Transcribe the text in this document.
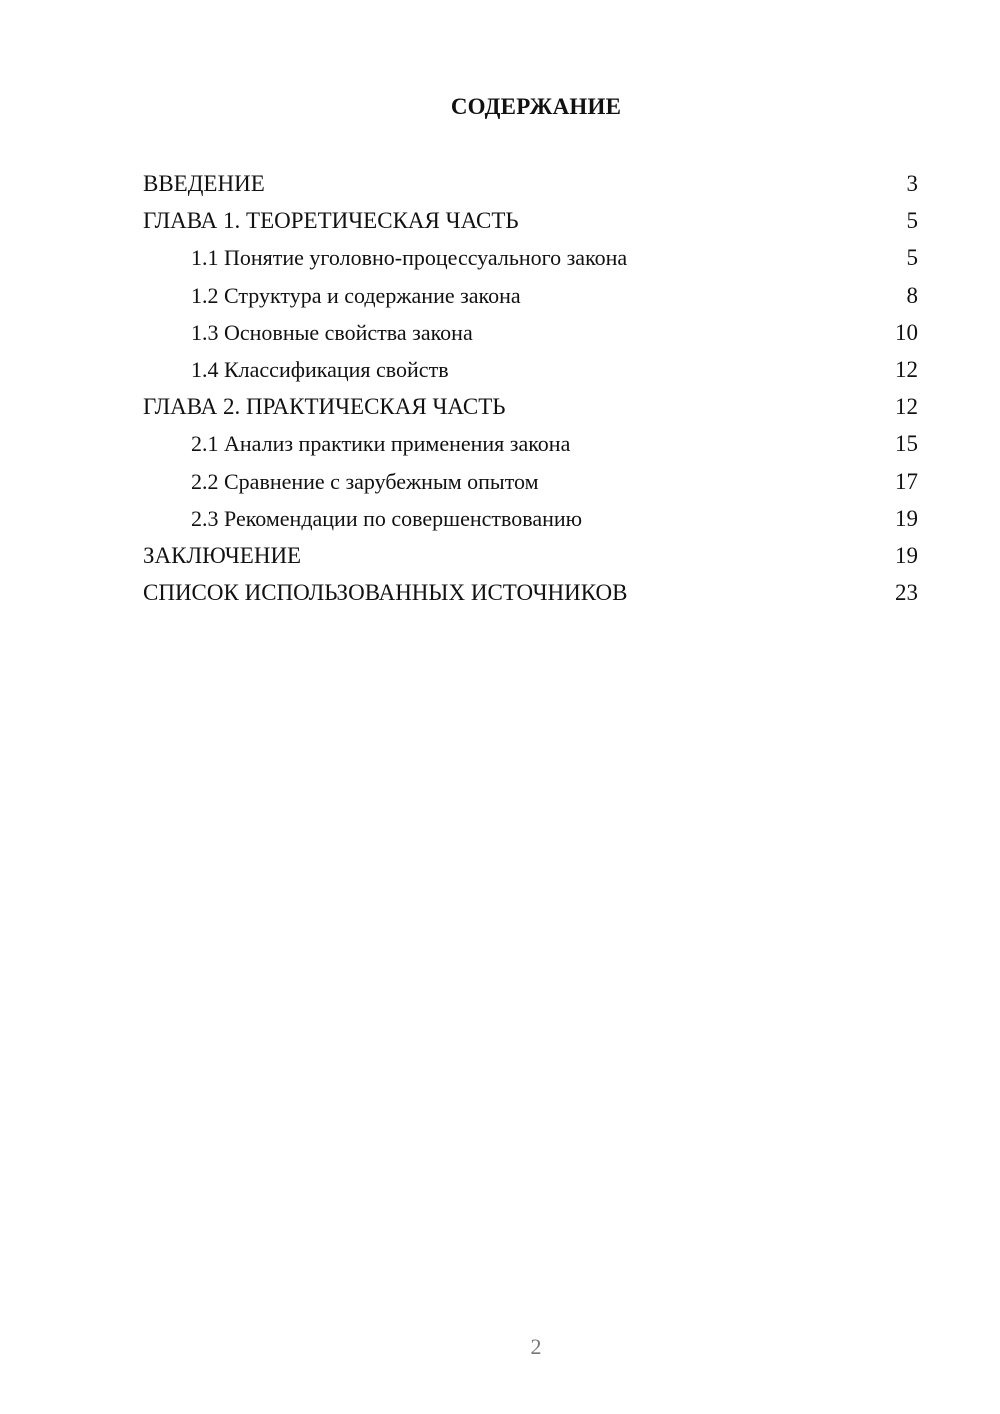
СОДЕРЖАНИЕ
ВВЕДЕНИЕ	3
ГЛАВА 1. ТЕОРЕТИЧЕСКАЯ ЧАСТЬ	5
1.1 Понятие уголовно-процессуального закона	5
1.2 Структура и содержание закона	8
1.3 Основные свойства закона	10
1.4 Классификация свойств	12
ГЛАВА 2. ПРАКТИЧЕСКАЯ ЧАСТЬ	12
2.1 Анализ практики применения закона	15
2.2 Сравнение с зарубежным опытом	17
2.3 Рекомендации по совершенствованию	19
ЗАКЛЮЧЕНИЕ	19
СПИСОК ИСПОЛЬЗОВАННЫХ ИСТОЧНИКОВ	23
2
